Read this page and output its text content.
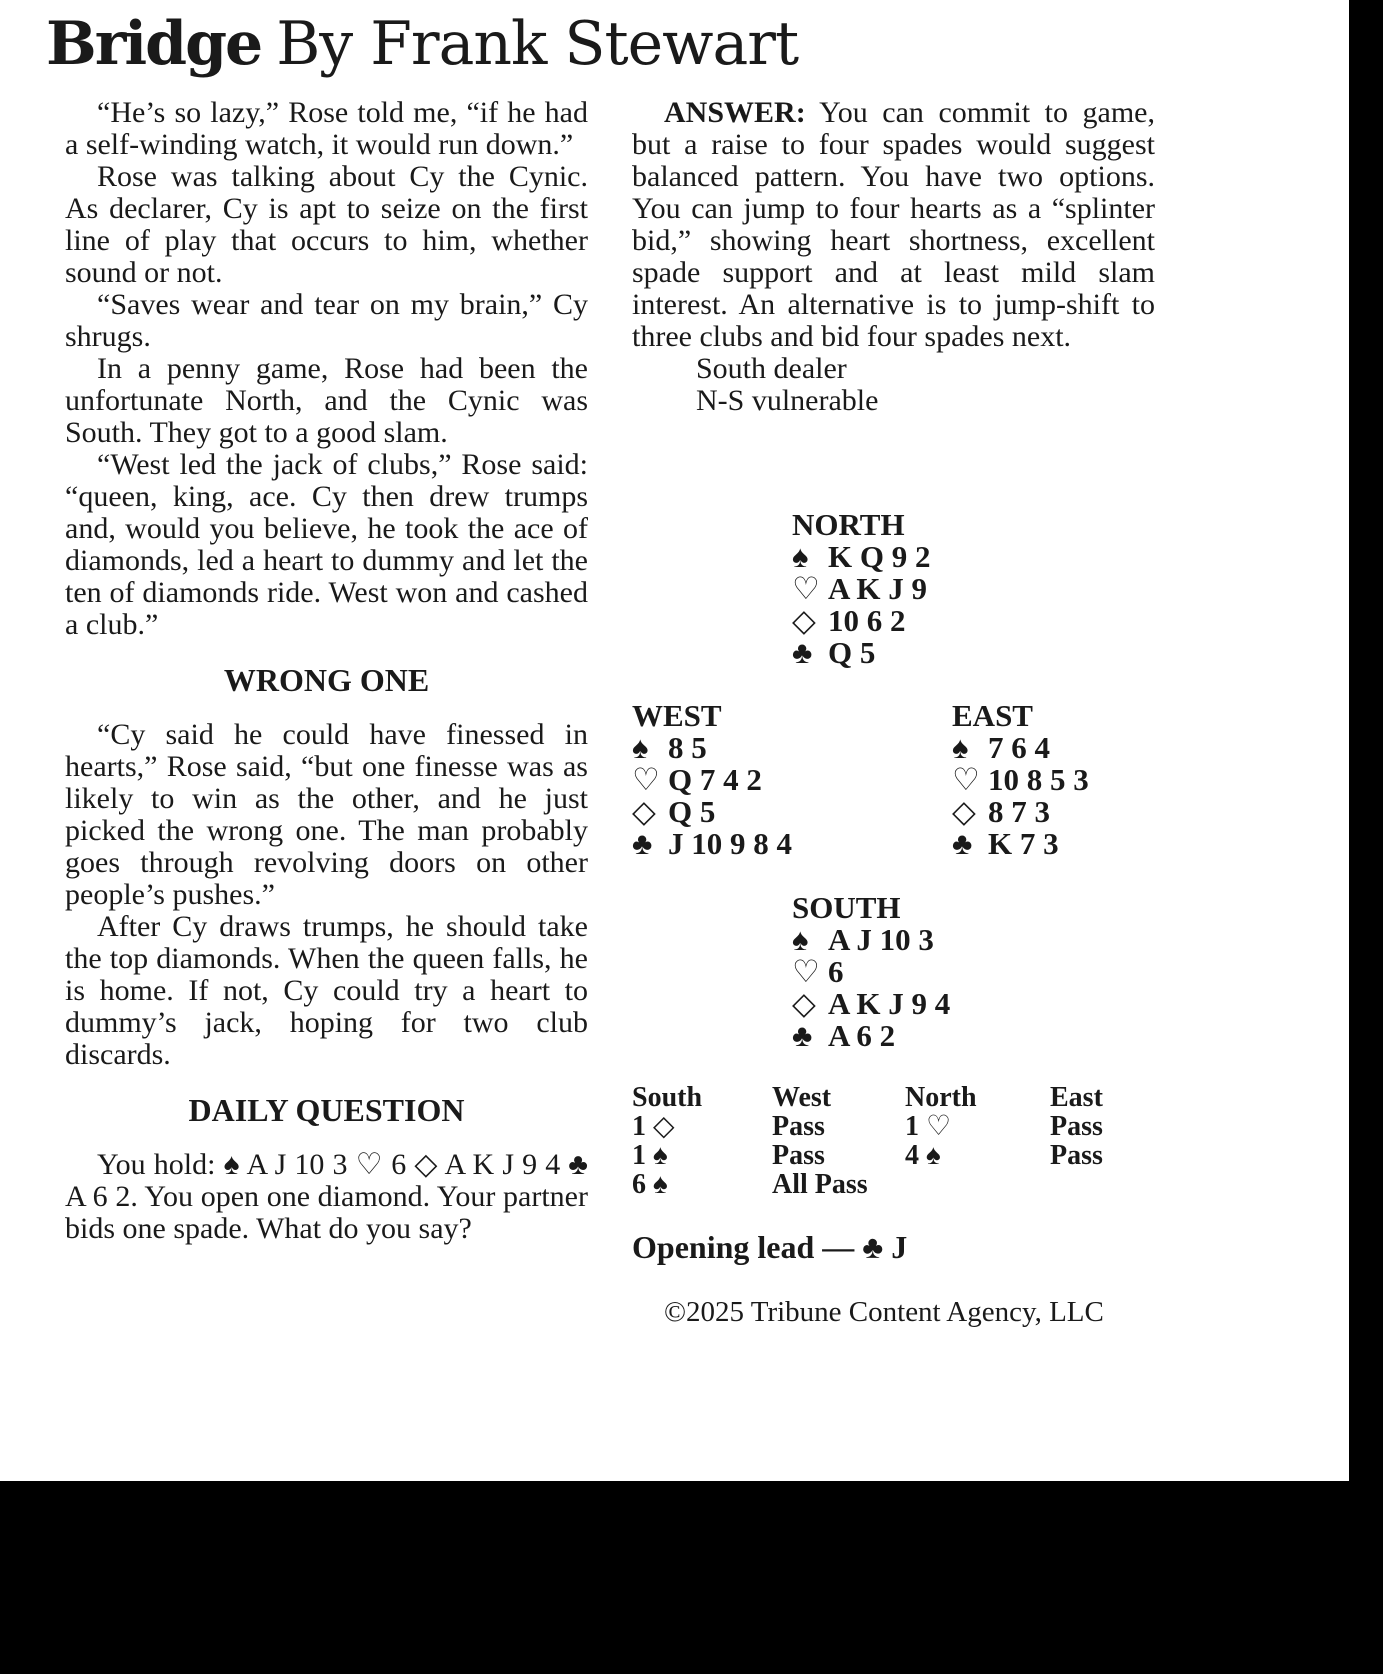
Bridge By Frank Stewart

“He’s so lazy,” Rose told me, “if he had a self-winding watch, it would run down.”

Rose was talking about Cy the Cynic. As declarer, Cy is apt to seize on the first line of play that occurs to him, whether sound or not.

“Saves wear and tear on my brain,” Cy shrugs.

In a penny game, Rose had been the unfortunate North, and the Cynic was South. They got to a good slam.

“West led the jack of clubs,” Rose said: “queen, king, ace. Cy then drew trumps and, would you believe, he took the ace of diamonds, led a heart to dummy and let the ten of diamonds ride. West won and cashed a club.”

WRONG ONE

“Cy said he could have finessed in hearts,” Rose said, “but one finesse was as likely to win as the other, and he just picked the wrong one. The man probably goes through revolving doors on other people’s pushes.”

After Cy draws trumps, he should take the top diamonds. When the queen falls, he is home. If not, Cy could try a heart to dummy’s jack, hoping for two club discards.

DAILY QUESTION

You hold: ♠ A J 10 3 ♡ 6 ◇ A K J 9 4 ♣ A 6 2. You open one diamond. Your partner bids one spade. What do you say?

ANSWER: You can commit to game, but a raise to four spades would suggest balanced pattern. You have two options. You can jump to four hearts as a “splinter bid,” showing heart shortness, excellent spade support and at least mild slam interest. An alternative is to jump-shift to three clubs and bid four spades next.

South dealer

N-S vulnerable

NORTH
♠ K Q 9 2
♡ A K J 9
◇ 10 6 2
♣ Q 5
WEST
♠ 8 5
♡ Q 7 4 2
◇ Q 5
♣ J 10 9 8 4
EAST
♠ 7 6 4
♡ 10 8 5 3
◇ 8 7 3
♣ K 7 3
SOUTH
♠ A J 10 3
♡ 6
◇ A K J 9 4
♣ A 6 2
South	West	North	East
1 ◇	Pass	1 ♡	Pass
1 ♠	Pass	4 ♠	Pass
6 ♠	All Pass
Opening lead — ♣ J
©2025 Tribune Content Agency, LLC
